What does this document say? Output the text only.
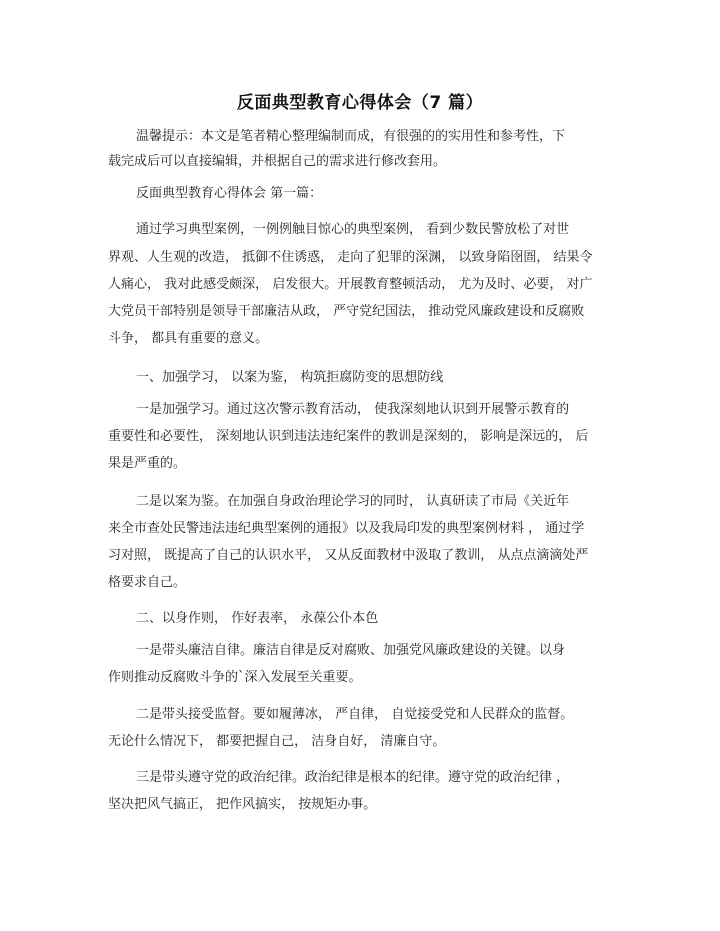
反面典型教育心得体会（7 篇）
温馨提示：本文是笔者精心整理编制而成，有很强的的实用性和参考性，下
载完成后可以直接编辑，并根据自己的需求进行修改套用。
反面典型教育心得体会 第一篇：
通过学习典型案例，一例例触目惊心的典型案例， 看到少数民警放松了对世
界观、人生观的改造， 抵御不住诱惑， 走向了犯罪的深渊， 以致身陷囹圄， 结果令
人痛心， 我对此感受颇深， 启发很大。开展教育整顿活动， 尤为及时、必要， 对广
大党员干部特别是领导干部廉洁从政， 严守党纪国法， 推动党风廉政建设和反腐败
斗争， 都具有重要的意义。
一、加强学习， 以案为鉴， 构筑拒腐防变的思想防线
一是加强学习。通过这次警示教育活动， 使我深刻地认识到开展警示教育的
重要性和必要性， 深刻地认识到违法违纪案件的教训是深刻的， 影响是深远的， 后
果是严重的。
二是以案为鉴。在加强自身政治理论学习的同时， 认真研读了市局《关近年
来全市查处民警违法违纪典型案例的通报》以及我局印发的典型案例材料 ， 通过学
习对照， 既提高了自己的认识水平， 又从反面教材中汲取了教训， 从点点滴滴处严
格要求自己。
二、以身作则， 作好表率， 永葆公仆本色
一是带头廉洁自律。廉洁自律是反对腐败、加强党风廉政建设的关键。以身
作则推动反腐败斗争的`深入发展至关重要。
二是带头接受监督。要如履薄冰， 严自律， 自觉接受党和人民群众的监督。
无论什么情况下， 都要把握自己， 洁身自好， 清廉自守。
三是带头遵守党的政治纪律。政治纪律是根本的纪律。遵守党的政治纪律 ，
坚决把风气搞正， 把作风搞实， 按规矩办事。
